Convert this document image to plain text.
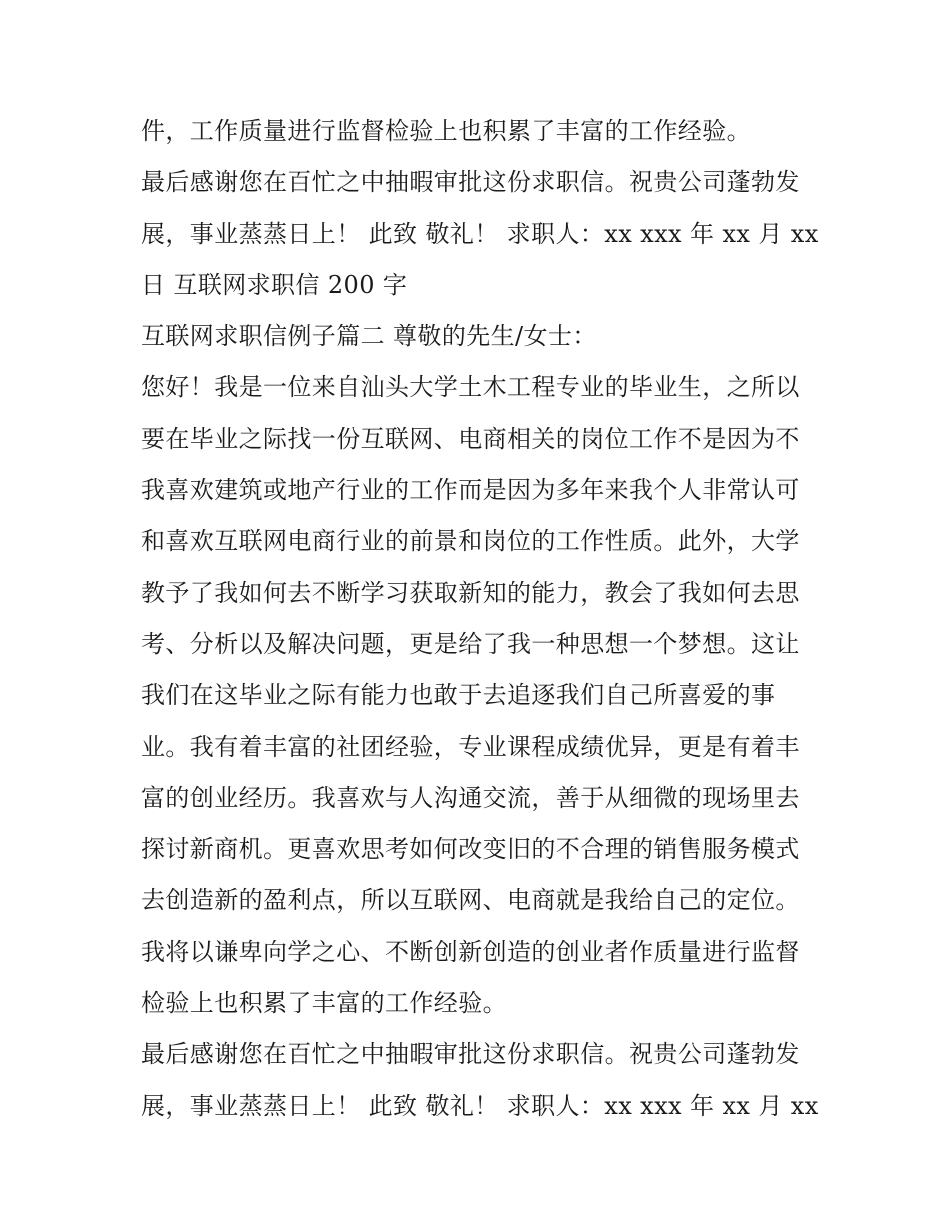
件，工作质量进行监督检验上也积累了丰富的工作经验。
最后感谢您在百忙之中抽暇审批这份求职信。祝贵公司蓬勃发
展，事业蒸蒸日上！ 此致 敬礼！ 求职人：xx xxx 年 xx 月 xx
日 互联网求职信 200 字
互联网求职信例子篇二 尊敬的先生/女士：
您好！我是一位来自汕头大学土木工程专业的毕业生，之所以
要在毕业之际找一份互联网、电商相关的岗位工作不是因为不
我喜欢建筑或地产行业的工作而是因为多年来我个人非常认可
和喜欢互联网电商行业的前景和岗位的工作性质。此外，大学
教予了我如何去不断学习获取新知的能力，教会了我如何去思
考、分析以及解决问题，更是给了我一种思想一个梦想。这让
我们在这毕业之际有能力也敢于去追逐我们自己所喜爱的事
业。我有着丰富的社团经验，专业课程成绩优异，更是有着丰
富的创业经历。我喜欢与人沟通交流，善于从细微的现场里去
探讨新商机。更喜欢思考如何改变旧的不合理的销售服务模式
去创造新的盈利点，所以互联网、电商就是我给自己的定位。
我将以谦卑向学之心、不断创新创造的创业者作质量进行监督
检验上也积累了丰富的工作经验。
最后感谢您在百忙之中抽暇审批这份求职信。祝贵公司蓬勃发
展，事业蒸蒸日上！ 此致 敬礼！ 求职人：xx xxx 年 xx 月 xx
